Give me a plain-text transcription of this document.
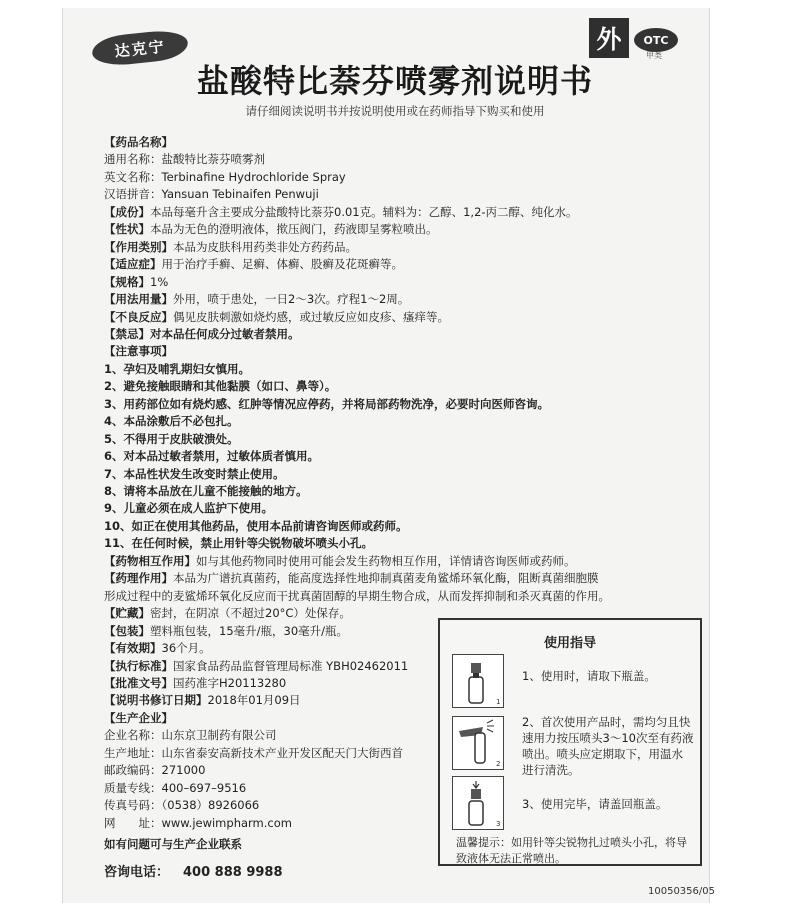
达克宁	外	OTC
甲类
盐酸特比萘芬喷雾剂说明书
请仔细阅读说明书并按说明使用或在药师指导下购买和使用
【药品名称】
通用名称：盐酸特比萘芬喷雾剂
英文名称：Terbinafine Hydrochloride Spray
汉语拼音：Yansuan Tebinaifen Penwuji
【成份】本品每毫升含主要成分盐酸特比萘芬0.01克。辅料为：乙醇、1,2-丙二醇、纯化水。
【性状】本品为无色的澄明液体，揿压阀门，药液即呈雾粒喷出。
【作用类别】本品为皮肤科用药类非处方药药品。
【适应症】用于治疗手癣、足癣、体癣、股癣及花斑癣等。
【规格】1%
【用法用量】外用，喷于患处，一日2～3次。疗程1～2周。
【不良反应】偶见皮肤刺激如烧灼感，或过敏反应如皮疹、瘙痒等。
【禁忌】对本品任何成分过敏者禁用。
【注意事项】
1、孕妇及哺乳期妇女慎用。
2、避免接触眼睛和其他黏膜（如口、鼻等）。
3、用药部位如有烧灼感、红肿等情况应停药，并将局部药物洗净，必要时向医师咨询。
4、本品涂敷后不必包扎。
5、不得用于皮肤破溃处。
6、对本品过敏者禁用，过敏体质者慎用。
7、本品性状发生改变时禁止使用。
8、请将本品放在儿童不能接触的地方。
9、儿童必须在成人监护下使用。
10、如正在使用其他药品，使用本品前请咨询医师或药师。
11、在任何时候，禁止用针等尖锐物破坏喷头小孔。
【药物相互作用】如与其他药物同时使用可能会发生药物相互作用，详情请咨询医师或药师。
【药理作用】本品为广谱抗真菌药，能高度选择性地抑制真菌麦角鲨烯环氧化酶，阻断真菌细胞膜
形成过程中的麦鲨烯环氧化反应而干扰真菌固醇的早期生物合成，从而发挥抑制和杀灭真菌的作用。
【贮藏】密封，在阴凉（不超过20°C）处保存。
【包装】塑料瓶包装，15毫升/瓶，30毫升/瓶。
【有效期】36个月。
【执行标准】国家食品药品监督管理局标准 YBH02462011
【批准文号】国药准字H20113280
【说明书修订日期】2018年01月09日
【生产企业】
企业名称：山东京卫制药有限公司
生产地址：山东省泰安高新技术产业开发区配天门大街西首
邮政编码：271000
质量专线：400–697–9516
传真号码：（0538）8926066
网　　址：www.jewimpharm.com
如有问题可与生产企业联系
咨询电话： 400 888 9988
使用指导
1
1、使用时，请取下瓶盖。
2
2、首次使用产品时，需均匀且快速用力按压喷头3～10次至有药液喷出。喷头应定期取下，用温水进行清洗。
3
3、使用完毕，请盖回瓶盖。
温馨提示：如用针等尖锐物扎过喷头小孔，将导致液体无法正常喷出。
10050356/05
